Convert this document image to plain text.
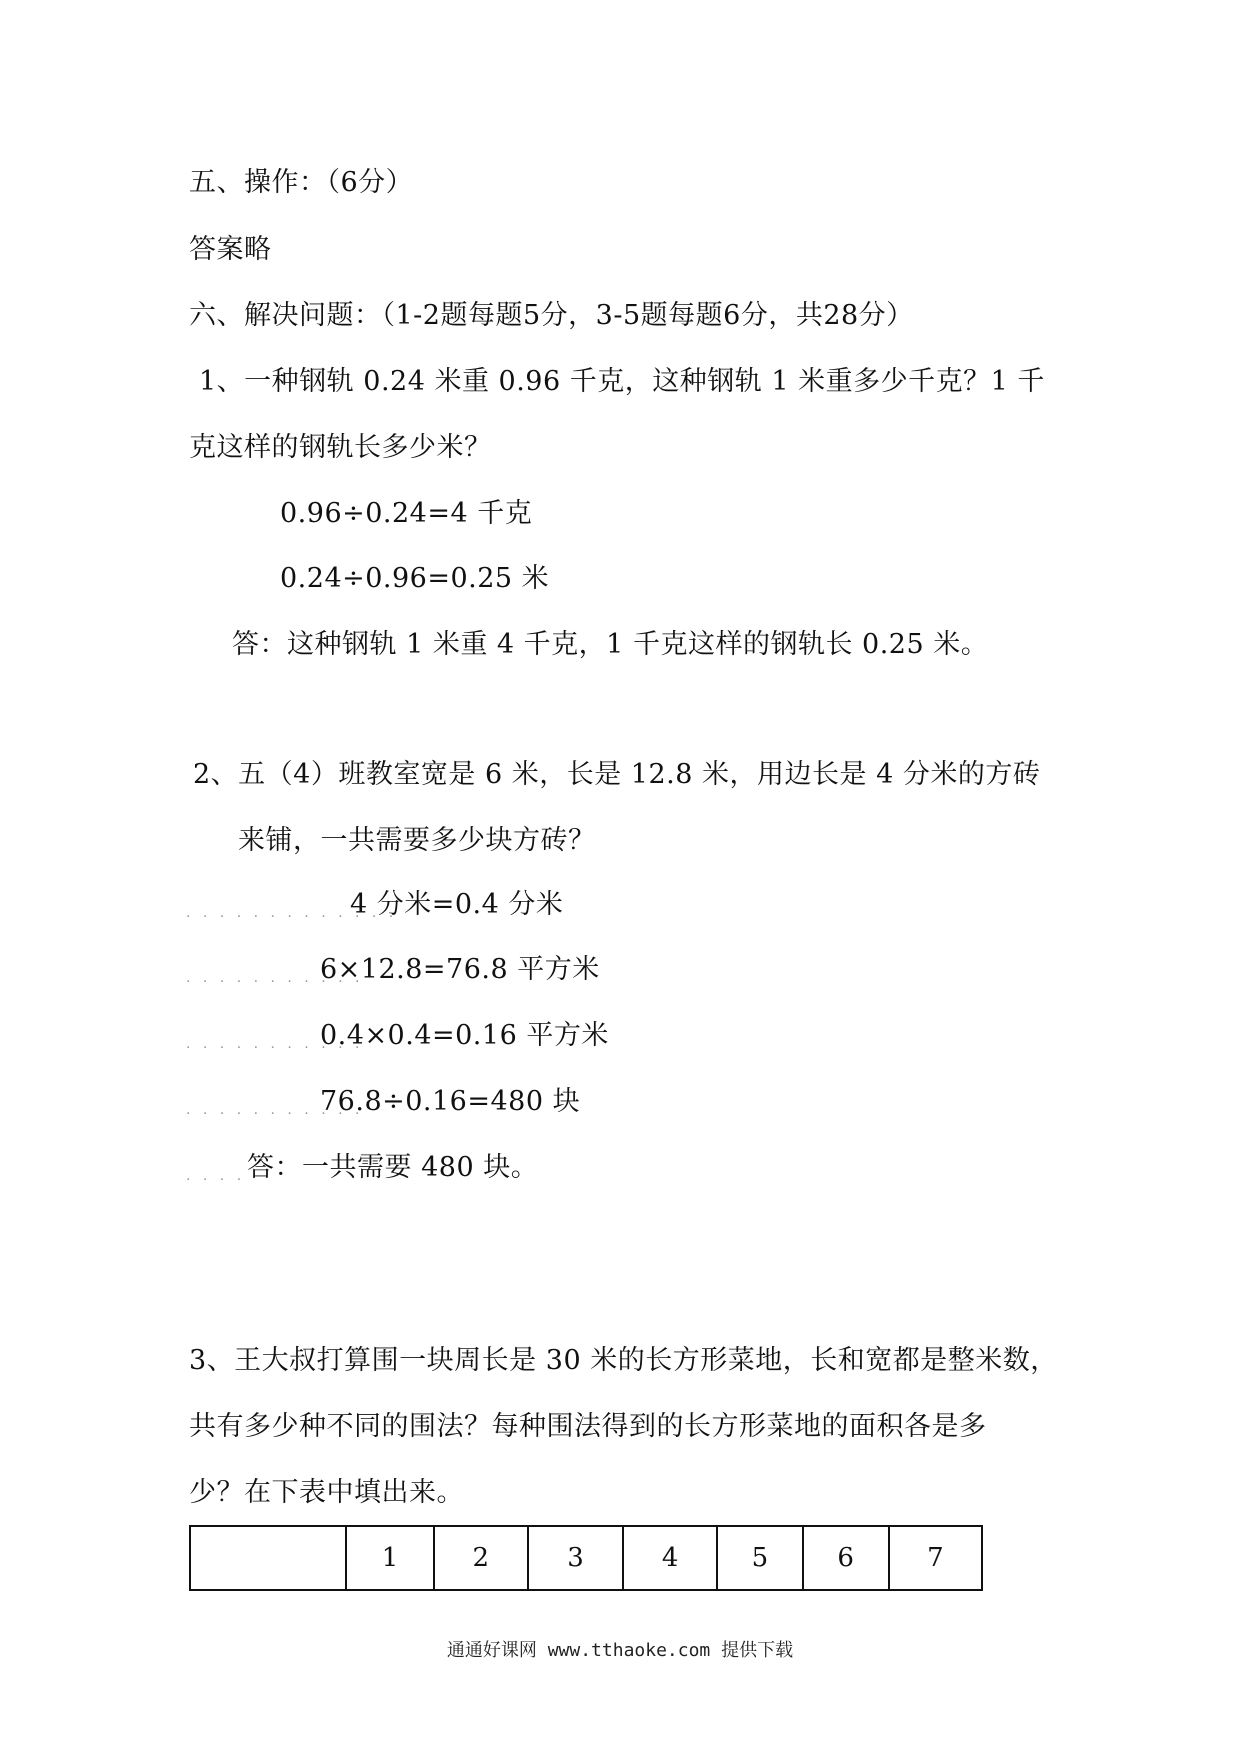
五、操作：（6分）
答案略
六、解决问题：（1-2题每题5分，3-5题每题6分，共28分）
1、一种钢轨 0.24 米重 0.96 千克，这种钢轨 1 米重多少千克？1 千
克这样的钢轨长多少米？
0.96÷0.24=4 千克
0.24÷0.96=0.25 米
答：这种钢轨 1 米重 4 千克，1 千克这样的钢轨长 0.25 米。
2、五（4）班教室宽是 6 米，长是 12.8 米，用边长是 4 分米的方砖
来铺，一共需要多少块方砖？
. . . . . . . . . . . . .
4 分米=0.4 分米
. . . . . . . . . . .
6×12.8=76.8 平方米
. . . . . . . . . . .
0.4×0.4=0.16 平方米
. . . . . . . . . . .
76.8÷0.16=480 块
. . . . 答：一共需要 480 块。
3、王大叔打算围一块周长是 30 米的长方形菜地，长和宽都是整米数，
共有多少种不同的围法？每种围法得到的长方形菜地的面积各是多
少？在下表中填出来。
	1	2	3	4	5	6	7
通通好课网 www.tthaoke.com 提供下载
